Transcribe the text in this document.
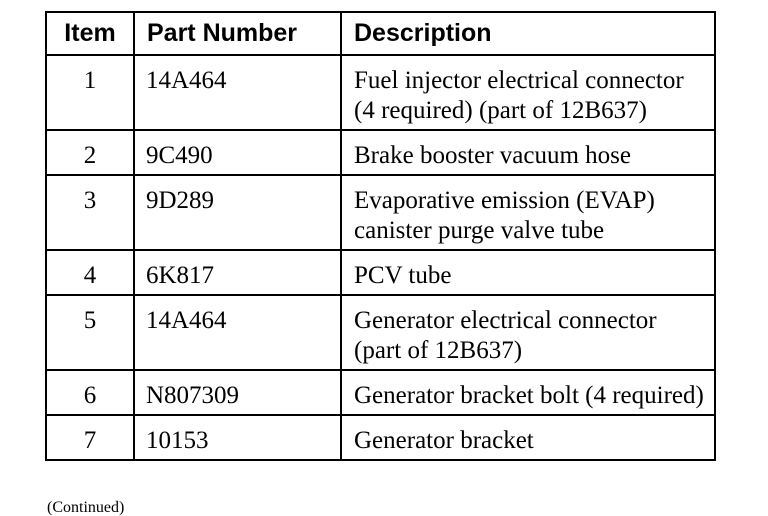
Item	Part Number	Description
1	14A464	Fuel injector electrical connector (4 required) (part of 12B637)
2	9C490	Brake booster vacuum hose
3	9D289	Evaporative emission (EVAP) canister purge valve tube
4	6K817	PCV tube
5	14A464	Generator electrical connector (part of 12B637)
6	N807309	Generator bracket bolt (4 required)
7	10153	Generator bracket
(Continued)
